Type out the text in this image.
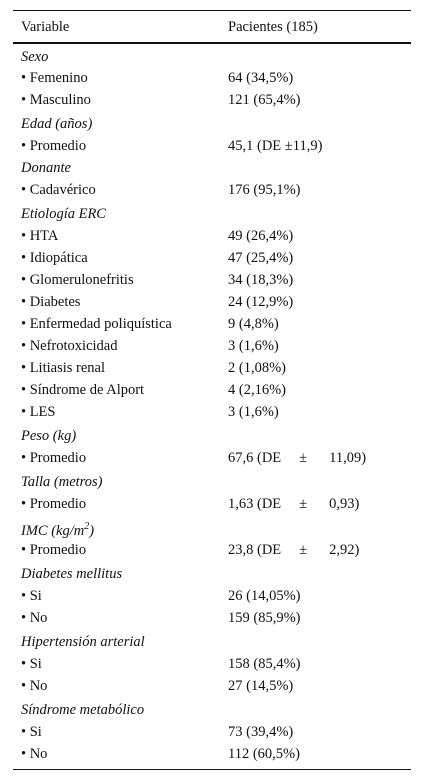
Variable	Pacientes (185)
Sexo
• Femenino	64 (34,5%)
• Masculino	121 (65,4%)
Edad (años)
• Promedio	45,1 (DE ±11,9)
Donante
• Cadavérico	176 (95,1%)
Etiología ERC
• HTA	49 (26,4%)
• Idiopática	47 (25,4%)
• Glomerulonefritis	34 (18,3%)
• Diabetes	24 (12,9%)
• Enfermedad poliquística	9 (4,8%)
• Nefrotoxicidad	3 (1,6%)
• Litiasis renal	2 (1,08%)
• Síndrome de Alport	4 (2,16%)
• LES	3 (1,6%)
Peso (kg)
• Promedio	67,6 (DE ± 11,09)
Talla (metros)
• Promedio	1,63 (DE ± 0,93)
IMC $(kg/m^2)$
• Promedio	23,8 (DE ± 2,92)
Diabetes mellitus
• Si	26 (14,05%)
• No	159 (85,9%)
Hipertensión arterial
• Si	158 (85,4%)
• No	27 (14,5%)
Síndrome metabólico
• Si	73 (39,4%)
• No	112 (60,5%)
